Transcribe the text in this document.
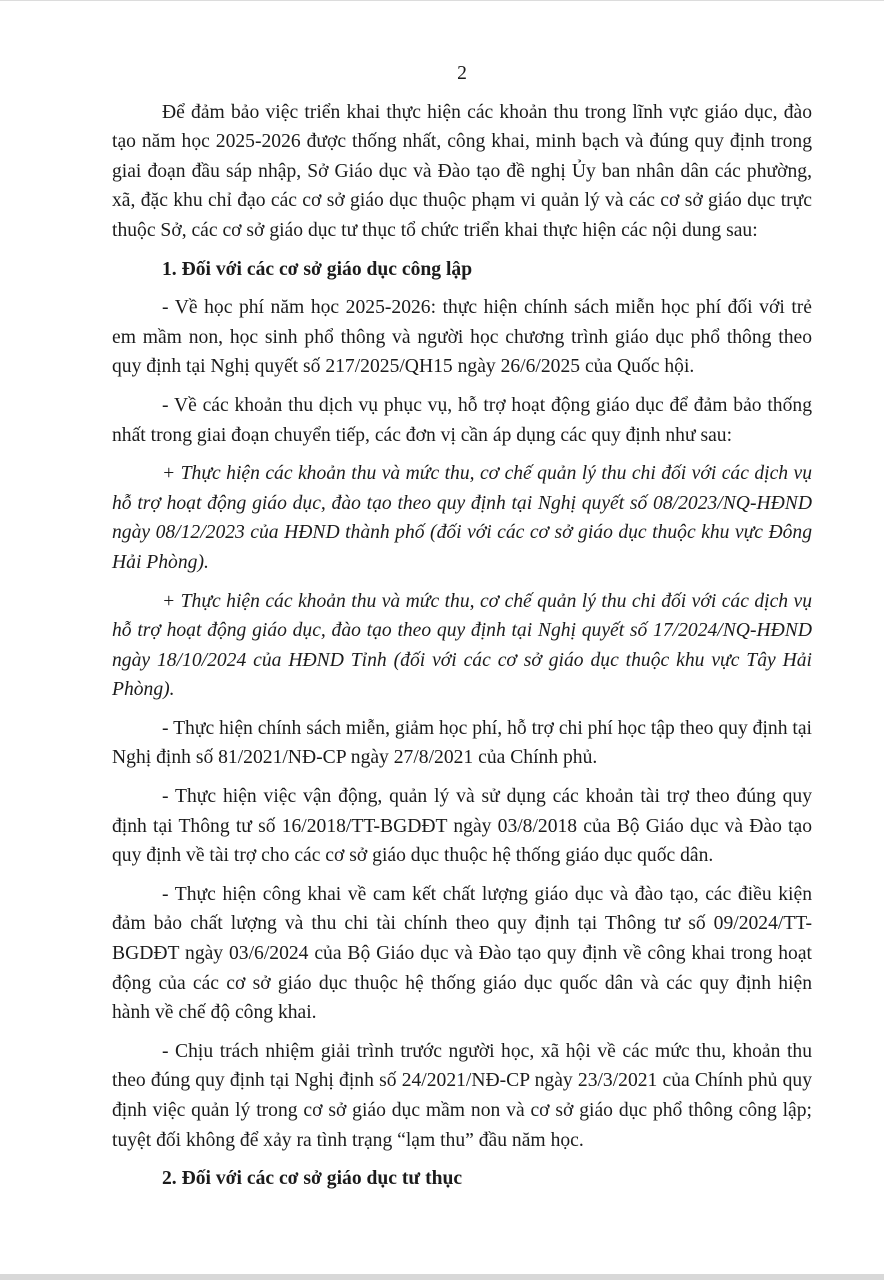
2

Để đảm bảo việc triển khai thực hiện các khoản thu trong lĩnh vực giáo dục, đào tạo năm học 2025-2026 được thống nhất, công khai, minh bạch và đúng quy định trong giai đoạn đầu sáp nhập, Sở Giáo dục và Đào tạo đề nghị Ủy ban nhân dân các phường, xã, đặc khu chỉ đạo các cơ sở giáo dục thuộc phạm vi quản lý và các cơ sở giáo dục trực thuộc Sở, các cơ sở giáo dục tư thục tổ chức triển khai thực hiện các nội dung sau:

1. Đối với các cơ sở giáo dục công lập

- Về học phí năm học 2025-2026: thực hiện chính sách miễn học phí đối với trẻ em mầm non, học sinh phổ thông và người học chương trình giáo dục phổ thông theo quy định tại Nghị quyết số 217/2025/QH15 ngày 26/6/2025 của Quốc hội.

- Về các khoản thu dịch vụ phục vụ, hỗ trợ hoạt động giáo dục để đảm bảo thống nhất trong giai đoạn chuyển tiếp, các đơn vị cần áp dụng các quy định như sau:

+ Thực hiện các khoản thu và mức thu, cơ chế quản lý thu chi đối với các dịch vụ hỗ trợ hoạt động giáo dục, đào tạo theo quy định tại Nghị quyết số 08/2023/NQ-HĐND ngày 08/12/2023 của HĐND thành phố (đối với các cơ sở giáo dục thuộc khu vực Đông Hải Phòng).

+ Thực hiện các khoản thu và mức thu, cơ chế quản lý thu chi đối với các dịch vụ hỗ trợ hoạt động giáo dục, đào tạo theo quy định tại Nghị quyết số 17/2024/NQ-HĐND ngày 18/10/2024 của HĐND Tỉnh (đối với các cơ sở giáo dục thuộc khu vực Tây Hải Phòng).

- Thực hiện chính sách miễn, giảm học phí, hỗ trợ chi phí học tập theo quy định tại Nghị định số 81/2021/NĐ-CP ngày 27/8/2021 của Chính phủ.

- Thực hiện việc vận động, quản lý và sử dụng các khoản tài trợ theo đúng quy định tại Thông tư số 16/2018/TT-BGDĐT ngày 03/8/2018 của Bộ Giáo dục và Đào tạo quy định về tài trợ cho các cơ sở giáo dục thuộc hệ thống giáo dục quốc dân.

- Thực hiện công khai về cam kết chất lượng giáo dục và đào tạo, các điều kiện đảm bảo chất lượng và thu chi tài chính theo quy định tại Thông tư số 09/2024/TT-BGDĐT ngày 03/6/2024 của Bộ Giáo dục và Đào tạo quy định về công khai trong hoạt động của các cơ sở giáo dục thuộc hệ thống giáo dục quốc dân và các quy định hiện hành về chế độ công khai.

- Chịu trách nhiệm giải trình trước người học, xã hội về các mức thu, khoản thu theo đúng quy định tại Nghị định số 24/2021/NĐ-CP ngày 23/3/2021 của Chính phủ quy định việc quản lý trong cơ sở giáo dục mầm non và cơ sở giáo dục phổ thông công lập; tuyệt đối không để xảy ra tình trạng “lạm thu” đầu năm học.

2. Đối với các cơ sở giáo dục tư thục
